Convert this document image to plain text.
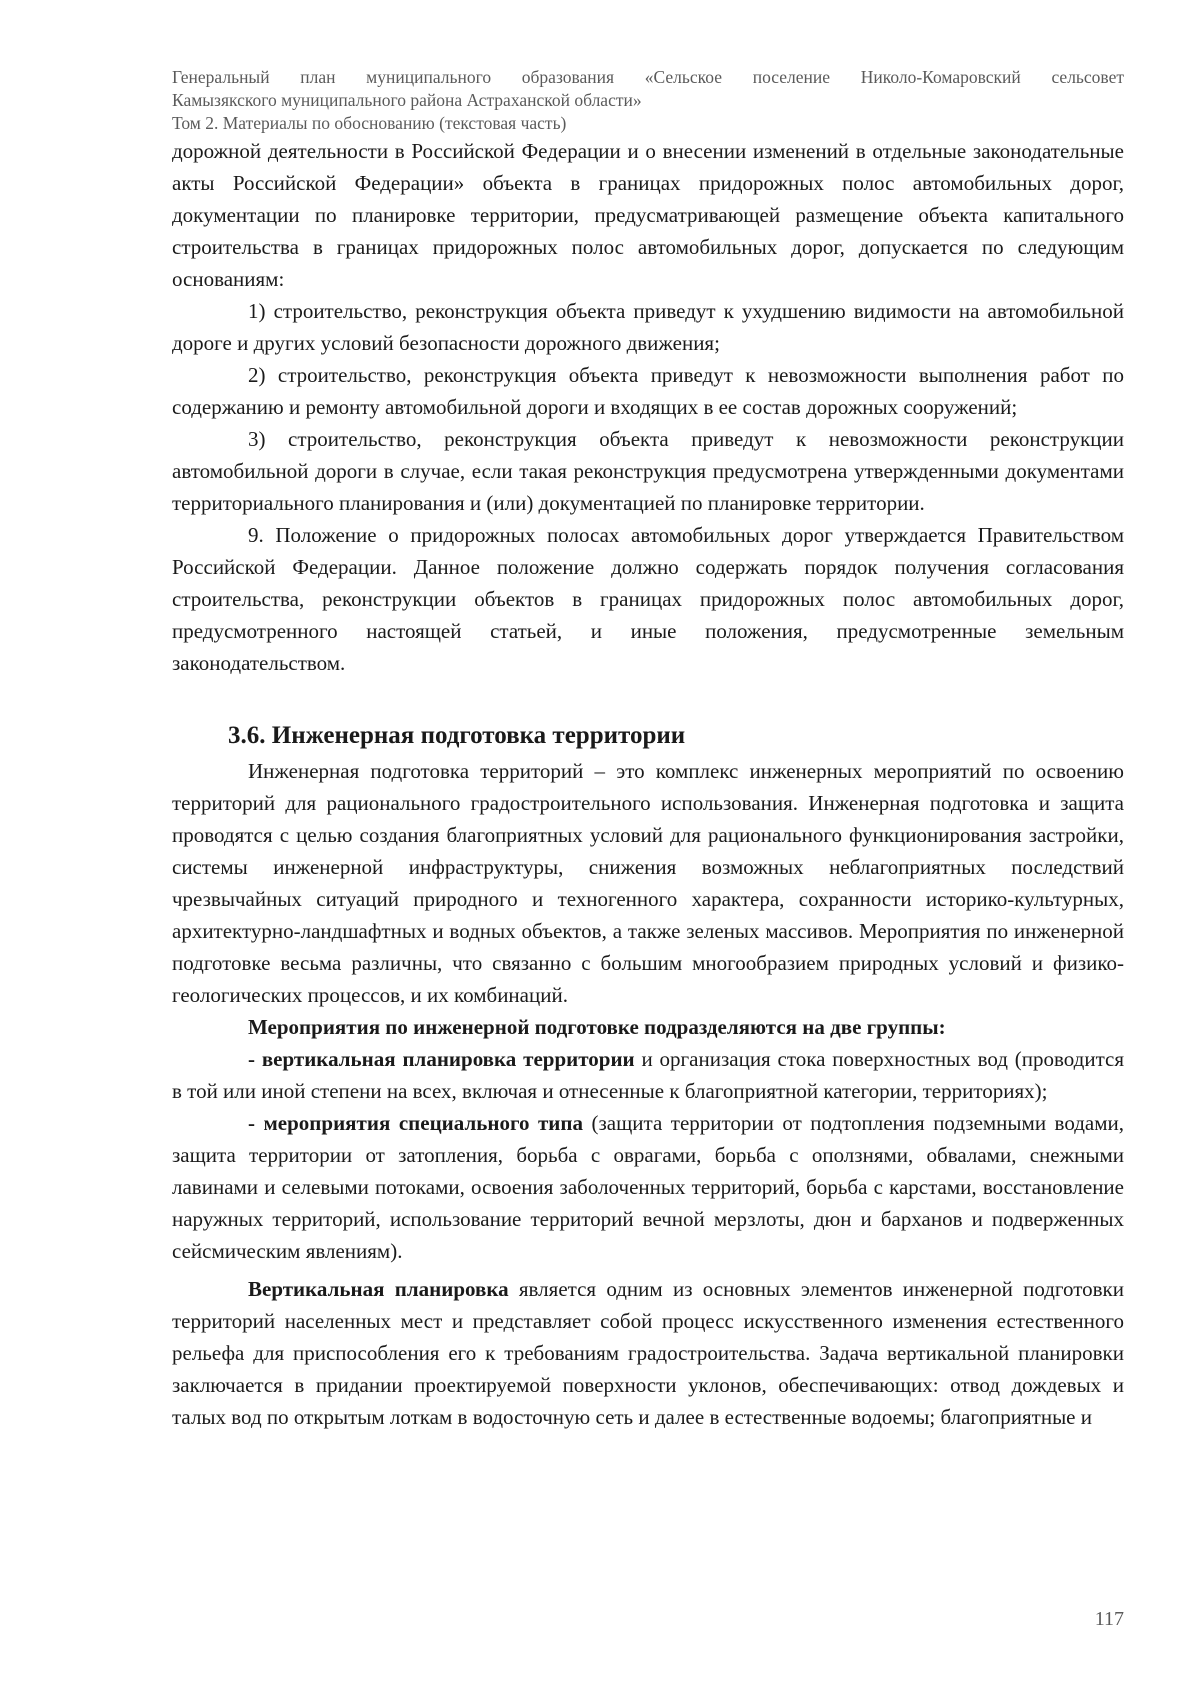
Генеральный план муниципального образования «Сельское поселение Николо-Комаровский сельсовет
Камызякского муниципального района Астраханской области»
Том 2. Материалы по обоснованию (текстовая часть)

дорожной деятельности в Российской Федерации и о внесении изменений в отдельные законодательные акты Российской Федерации» объекта в границах придорожных полос автомобильных дорог, документации по планировке территории, предусматривающей размещение объекта капитального строительства в границах придорожных полос автомобильных дорог, допускается по следующим основаниям:

1) строительство, реконструкция объекта приведут к ухудшению видимости на автомобильной дороге и других условий безопасности дорожного движения;

2) строительство, реконструкция объекта приведут к невозможности выполнения работ по содержанию и ремонту автомобильной дороги и входящих в ее состав дорожных сооружений;

3) строительство, реконструкция объекта приведут к невозможности реконструкции автомобильной дороги в случае, если такая реконструкция предусмотрена утвержденными документами территориального планирования и (или) документацией по планировке территории.

9. Положение о придорожных полосах автомобильных дорог утверждается Правительством Российской Федерации. Данное положение должно содержать порядок получения согласования строительства, реконструкции объектов в границах придорожных полос автомобильных дорог, предусмотренного настоящей статьей, и иные положения, предусмотренные земельным законодательством.

3.6. Инженерная подготовка территории

Инженерная подготовка территорий – это комплекс инженерных мероприятий по освоению территорий для рационального градостроительного использования. Инженерная подготовка и защита проводятся с целью создания благоприятных условий для рационального функционирования застройки, системы инженерной инфраструктуры, снижения возможных неблагоприятных последствий чрезвычайных ситуаций природного и техногенного характера, сохранности историко-культурных, архитектурно-ландшафтных и водных объектов, а также зеленых массивов. Мероприятия по инженерной подготовке весьма различны, что связанно с большим многообразием природных условий и физико-геологических процессов, и их комбинаций.

Мероприятия по инженерной подготовке подразделяются на две группы:

- вертикальная планировка территории и организация стока поверхностных вод (проводится в той или иной степени на всех, включая и отнесенные к благоприятной категории, территориях);

- мероприятия специального типа (защита территории от подтопления подземными водами, защита территории от затопления, борьба с оврагами, борьба с оползнями, обвалами, снежными лавинами и селевыми потоками, освоения заболоченных территорий, борьба с карстами, восстановление наружных территорий, использование территорий вечной мерзлоты, дюн и барханов и подверженных сейсмическим явлениям).

Вертикальная планировка является одним из основных элементов инженерной подготовки территорий населенных мест и представляет собой процесс искусственного изменения естественного рельефа для приспособления его к требованиям градостроительства. Задача вертикальной планировки заключается в придании проектируемой поверхности уклонов, обеспечивающих: отвод дождевых и талых вод по открытым лоткам в водосточную сеть и далее в естественные водоемы; благоприятные и

117
